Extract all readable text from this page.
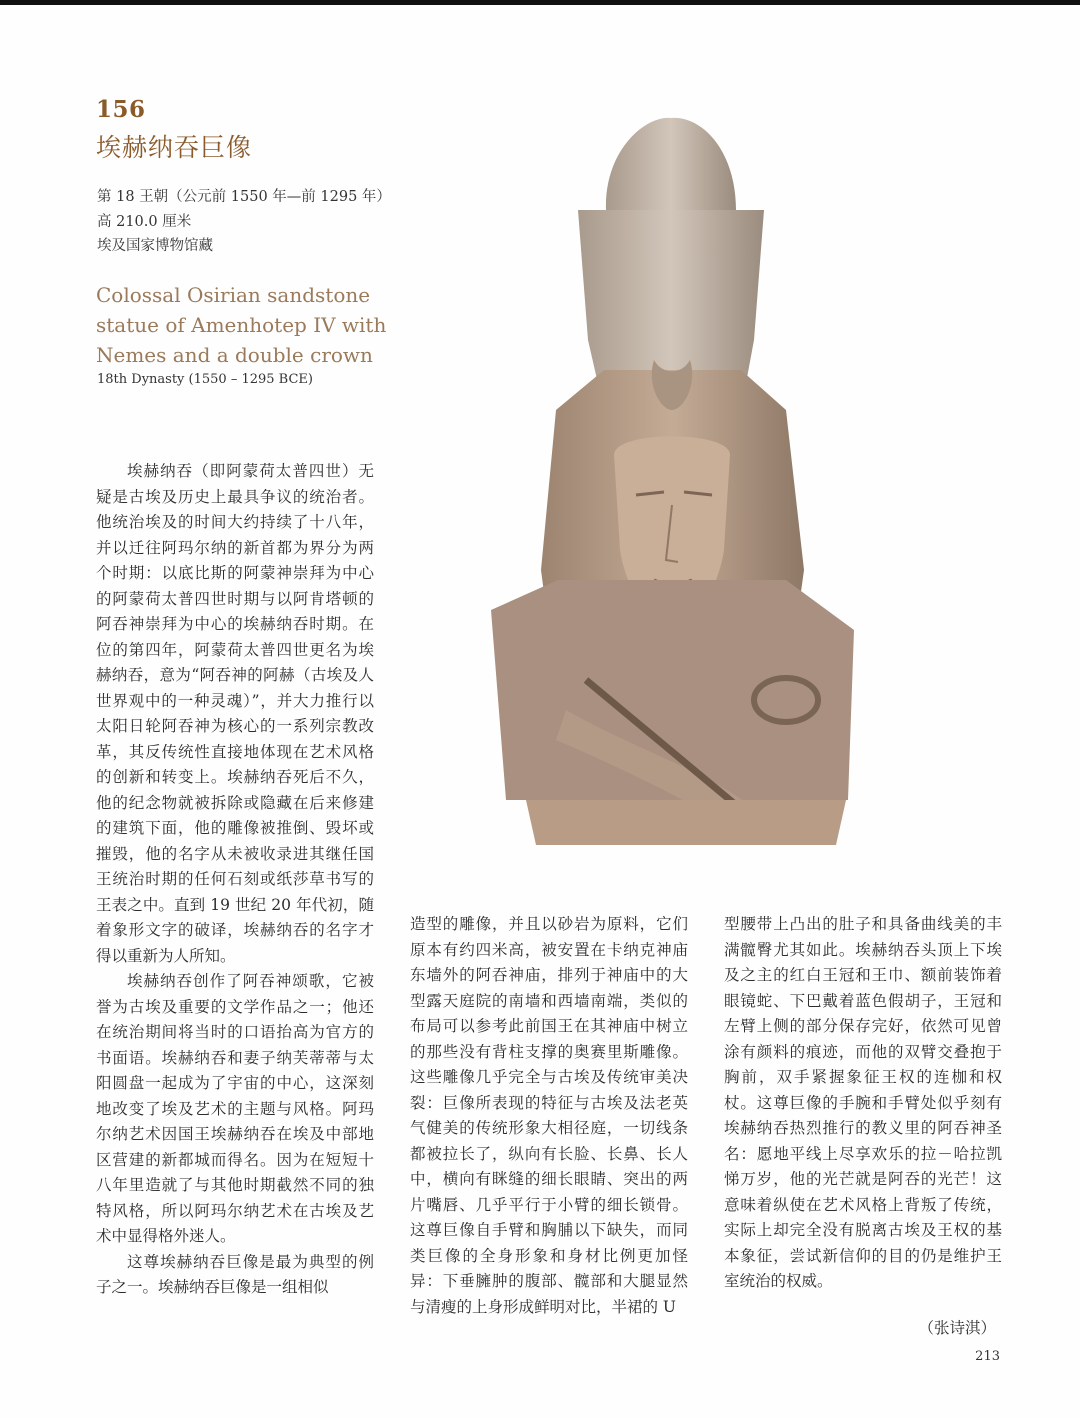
156
埃赫纳吞巨像
第 18 王朝（公元前 1550 年—前 1295 年）
高 210.0 厘米
埃及国家博物馆藏
Colossal Osirian sandstone
statue of Amenhotep IV with
Nemes and a double crown
18th Dynasty (1550 – 1295 BCE)

埃赫纳吞（即阿蒙荷太普四世）无疑是古埃及历史上最具争议的统治者。他统治埃及的时间大约持续了十八年，并以迁往阿玛尔纳的新首都为界分为两个时期：以底比斯的阿蒙神崇拜为中心的阿蒙荷太普四世时期与以阿肯塔顿的阿吞神崇拜为中心的埃赫纳吞时期。在位的第四年，阿蒙荷太普四世更名为埃赫纳吞，意为“阿吞神的阿赫（古埃及人世界观中的一种灵魂）”，并大力推行以太阳日轮阿吞神为核心的一系列宗教改革，其反传统性直接地体现在艺术风格的创新和转变上。埃赫纳吞死后不久，他的纪念物就被拆除或隐藏在后来修建的建筑下面，他的雕像被推倒、毁坏或摧毁，他的名字从未被收录进其继任国王统治时期的任何石刻或纸莎草书写的王表之中。直到 19 世纪 20 年代初，随着象形文字的破译，埃赫纳吞的名字才得以重新为人所知。

埃赫纳吞创作了阿吞神颂歌，它被誉为古埃及重要的文学作品之一；他还在统治期间将当时的口语抬高为官方的书面语。埃赫纳吞和妻子纳芙蒂蒂与太阳圆盘一起成为了宇宙的中心，这深刻地改变了埃及艺术的主题与风格。阿玛尔纳艺术因国王埃赫纳吞在埃及中部地区营建的新都城而得名。因为在短短十八年里造就了与其他时期截然不同的独特风格，所以阿玛尔纳艺术在古埃及艺术中显得格外迷人。

这尊埃赫纳吞巨像是最为典型的例子之一。埃赫纳吞巨像是一组相似

造型的雕像，并且以砂岩为原料，它们原本有约四米高，被安置在卡纳克神庙东墙外的阿吞神庙，排列于神庙中的大型露天庭院的南墙和西墙南端，类似的布局可以参考此前国王在其神庙中树立的那些没有背柱支撑的奥赛里斯雕像。这些雕像几乎完全与古埃及传统审美决裂：巨像所表现的特征与古埃及法老英气健美的传统形象大相径庭，一切线条都被拉长了，纵向有长脸、长鼻、长人中，横向有眯缝的细长眼睛、突出的两片嘴唇、几乎平行于小臂的细长锁骨。这尊巨像自手臂和胸脯以下缺失，而同类巨像的全身形象和身材比例更加怪异：下垂臃肿的腹部、髋部和大腿显然与清瘦的上身形成鲜明对比，半裙的 U

型腰带上凸出的肚子和具备曲线美的丰满髋臀尤其如此。埃赫纳吞头顶上下埃及之主的红白王冠和王巾、额前装饰着眼镜蛇、下巴戴着蓝色假胡子，王冠和左臂上侧的部分保存完好，依然可见曾涂有颜料的痕迹，而他的双臂交叠抱于胸前，双手紧握象征王权的连枷和权杖。这尊巨像的手腕和手臂处似乎刻有埃赫纳吞热烈推行的教义里的阿吞神圣名：愿地平线上尽享欢乐的拉－哈拉凯悌万岁，他的光芒就是阿吞的光芒！这意味着纵使在艺术风格上背叛了传统，实际上却完全没有脱离古埃及王权的基本象征，尝试新信仰的目的仍是维护王室统治的权威。

（张诗淇）
213
